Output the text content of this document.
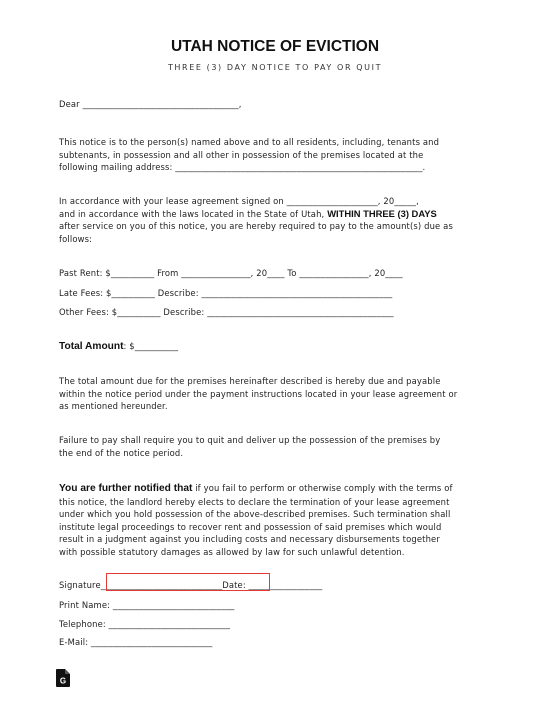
UTAH NOTICE OF EVICTION
THREE (3) DAY NOTICE TO PAY OR QUIT
Dear ____________________________________,
This notice is to the person(s) named above and to all residents, including, tenants and
subtenants, in possession and all other in possession of the premises located at the
following mailing address: _________________________________________________________.
In accordance with your lease agreement signed on _____________________, 20_____,
and in accordance with the laws located in the State of Utah, WITHIN THREE (3) DAYS
after service on you of this notice, you are hereby required to pay to the amount(s) due as
follows:
Past Rent: $__________ From ________________, 20____ To ________________, 20____
Late Fees: $__________ Describe: ____________________________________________
Other Fees: $__________ Describe: ___________________________________________
Total Amount: $__________
The total amount due for the premises hereinafter described is hereby due and payable
within the notice period under the payment instructions located in your lease agreement or
as mentioned hereunder.
Failure to pay shall require you to quit and deliver up the possession of the premises by
the end of the notice period.
You are further notified that if you fail to perform or otherwise comply with the terms of
this notice, the landlord hereby elects to declare the termination of your lease agreement
under which you hold possession of the above-described premises. Such termination shall
institute legal proceedings to recover rent and possession of said premises which would
result in a judgment against you including costs and necessary disbursements together
with possible statutory damages as allowed by law for such unlawful detention.
Signature____________________________Date: _________________
Print Name: ____________________________
Telephone: ____________________________
E-Mail: ____________________________
G
